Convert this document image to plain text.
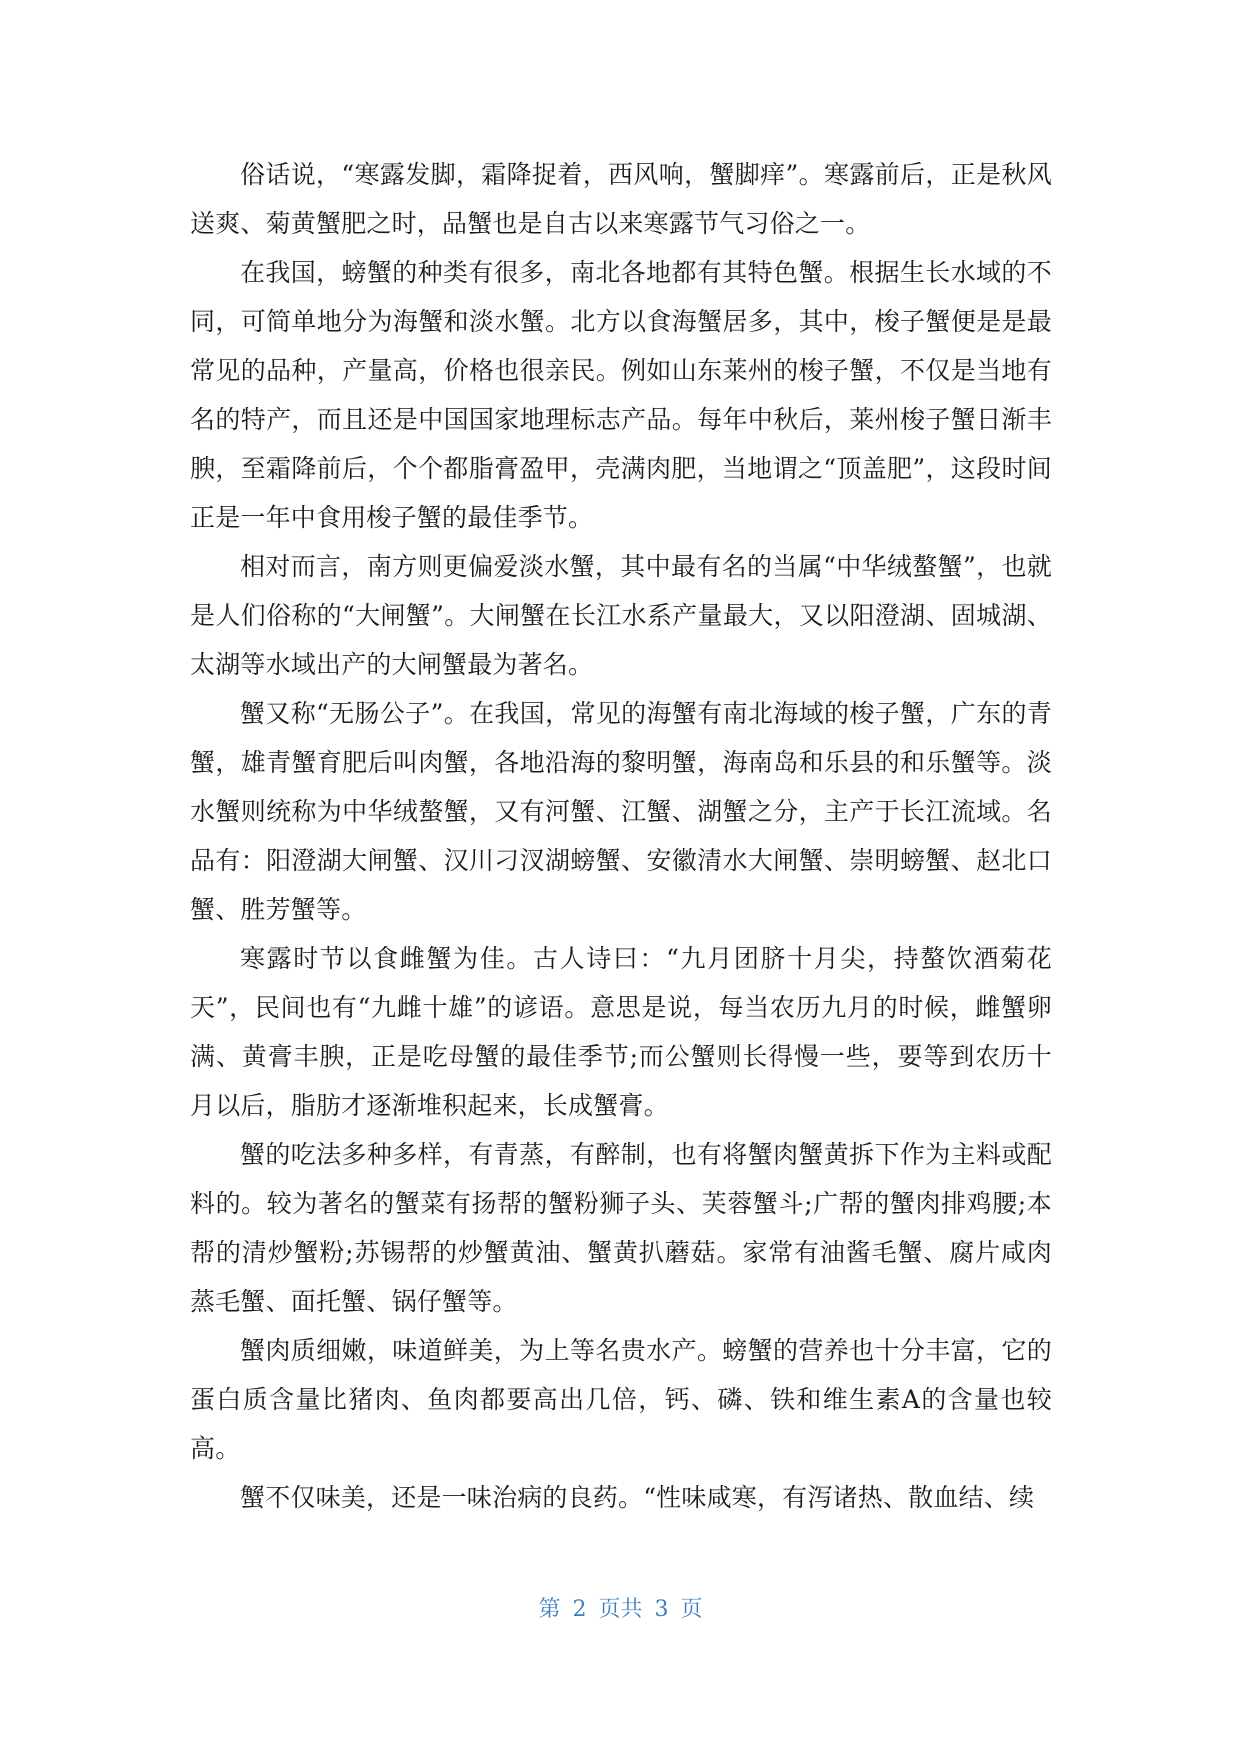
俗话说，“寒露发脚，霜降捉着，西风响，蟹脚痒”。寒露前后，正是秋风送爽、菊黄蟹肥之时，品蟹也是自古以来寒露节气习俗之一。

在我国，螃蟹的种类有很多，南北各地都有其特色蟹。根据生长水域的不同，可简单地分为海蟹和淡水蟹。北方以食海蟹居多，其中，梭子蟹便是是最常见的品种，产量高，价格也很亲民。例如山东莱州的梭子蟹，不仅是当地有名的特产，而且还是中国国家地理标志产品。每年中秋后，莱州梭子蟹日渐丰腴，至霜降前后，个个都脂膏盈甲，壳满肉肥，当地谓之“顶盖肥”，这段时间正是一年中食用梭子蟹的最佳季节。

相对而言，南方则更偏爱淡水蟹，其中最有名的当属“中华绒螯蟹”，也就是人们俗称的“大闸蟹”。大闸蟹在长江水系产量最大，又以阳澄湖、固城湖、太湖等水域出产的大闸蟹最为著名。

蟹又称“无肠公子”。在我国，常见的海蟹有南北海域的梭子蟹，广东的青蟹，雄青蟹育肥后叫肉蟹，各地沿海的黎明蟹，海南岛和乐县的和乐蟹等。淡水蟹则统称为中华绒螯蟹，又有河蟹、江蟹、湖蟹之分，主产于长江流域。名品有：阳澄湖大闸蟹、汉川刁汊湖螃蟹、安徽清水大闸蟹、崇明螃蟹、赵北口蟹、胜芳蟹等。

寒露时节以食雌蟹为佳。古人诗曰：“九月团脐十月尖，持螯饮酒菊花天”，民间也有“九雌十雄”的谚语。意思是说，每当农历九月的时候，雌蟹卵满、黄膏丰腴，正是吃母蟹的最佳季节;而公蟹则长得慢一些，要等到农历十月以后，脂肪才逐渐堆积起来，长成蟹膏。

蟹的吃法多种多样，有青蒸，有醉制，也有将蟹肉蟹黄拆下作为主料或配料的。较为著名的蟹菜有扬帮的蟹粉狮子头、芙蓉蟹斗;广帮的蟹肉排鸡腰;本帮的清炒蟹粉;苏锡帮的炒蟹黄油、蟹黄扒蘑菇。家常有油酱毛蟹、腐片咸肉蒸毛蟹、面托蟹、锅仔蟹等。

蟹肉质细嫩，味道鲜美，为上等名贵水产。螃蟹的营养也十分丰富，它的蛋白质含量比猪肉、鱼肉都要高出几倍，钙、磷、铁和维生素A的含量也较高。

蟹不仅味美，还是一味治病的良药。“性味咸寒，有泻诸热、散血结、续

第 2 页共 3 页
